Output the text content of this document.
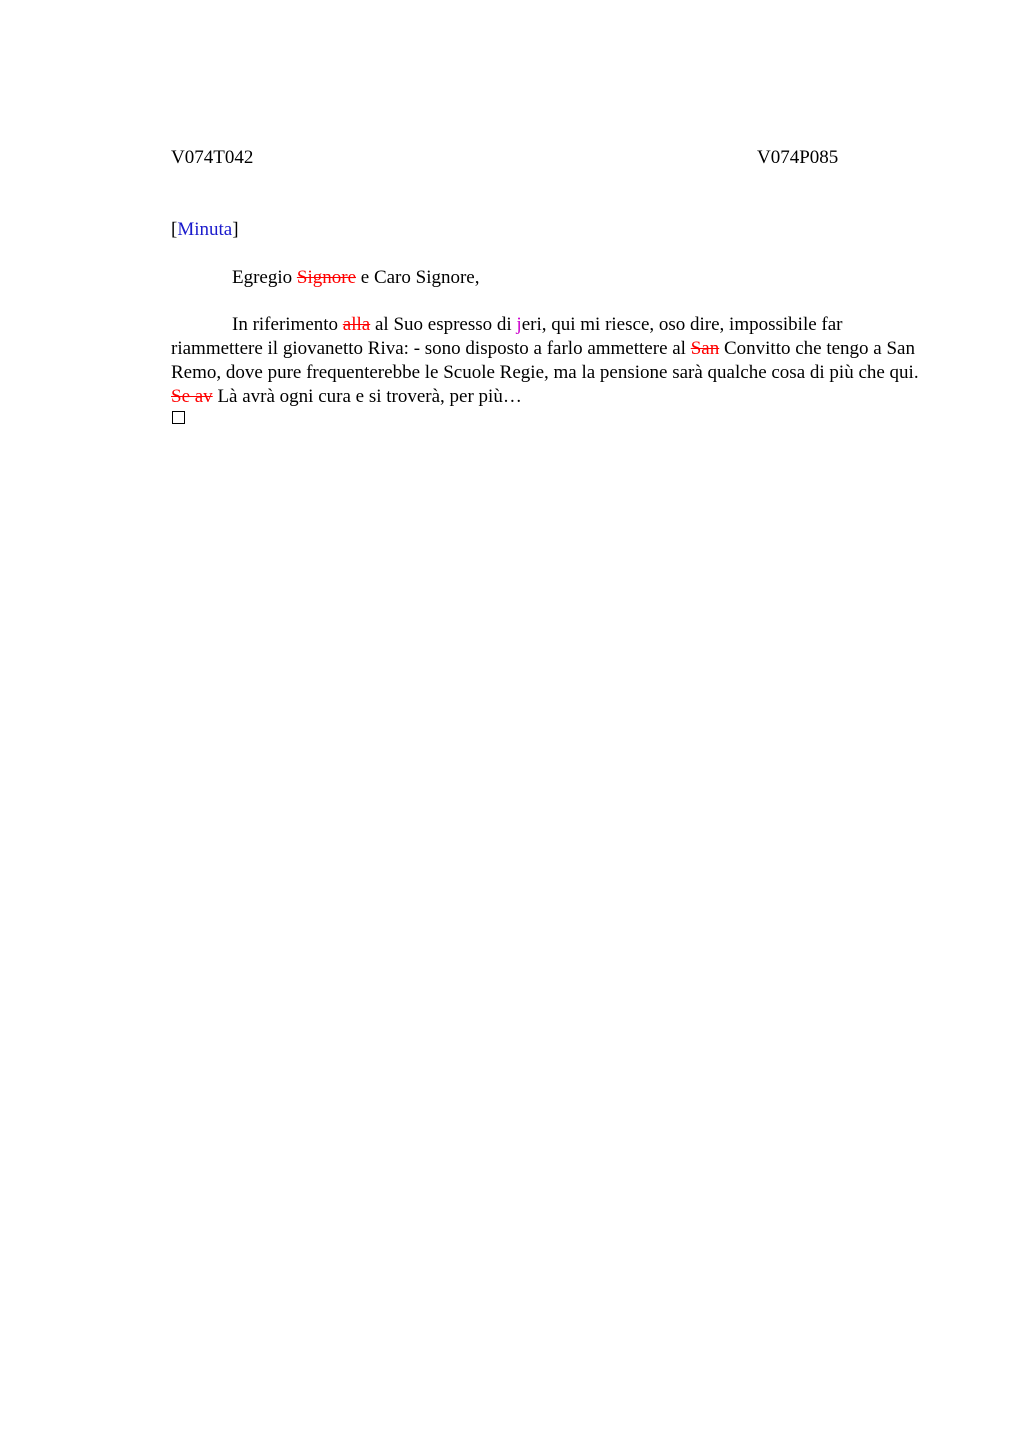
V074T042	V074P085
[Minuta]
Egregio Signore e Caro Signore,
In riferimento alla al Suo espresso di jeri, qui mi riesce, oso dire, impossibile far riammettere il giovanetto Riva: - sono disposto a farlo ammettere al San Convitto che tengo a San Remo, dove pure frequenterebbe le Scuole Regie, ma la pensione sarà qualche cosa di più che qui. Se av Là avrà ogni cura e si troverà, per più…
